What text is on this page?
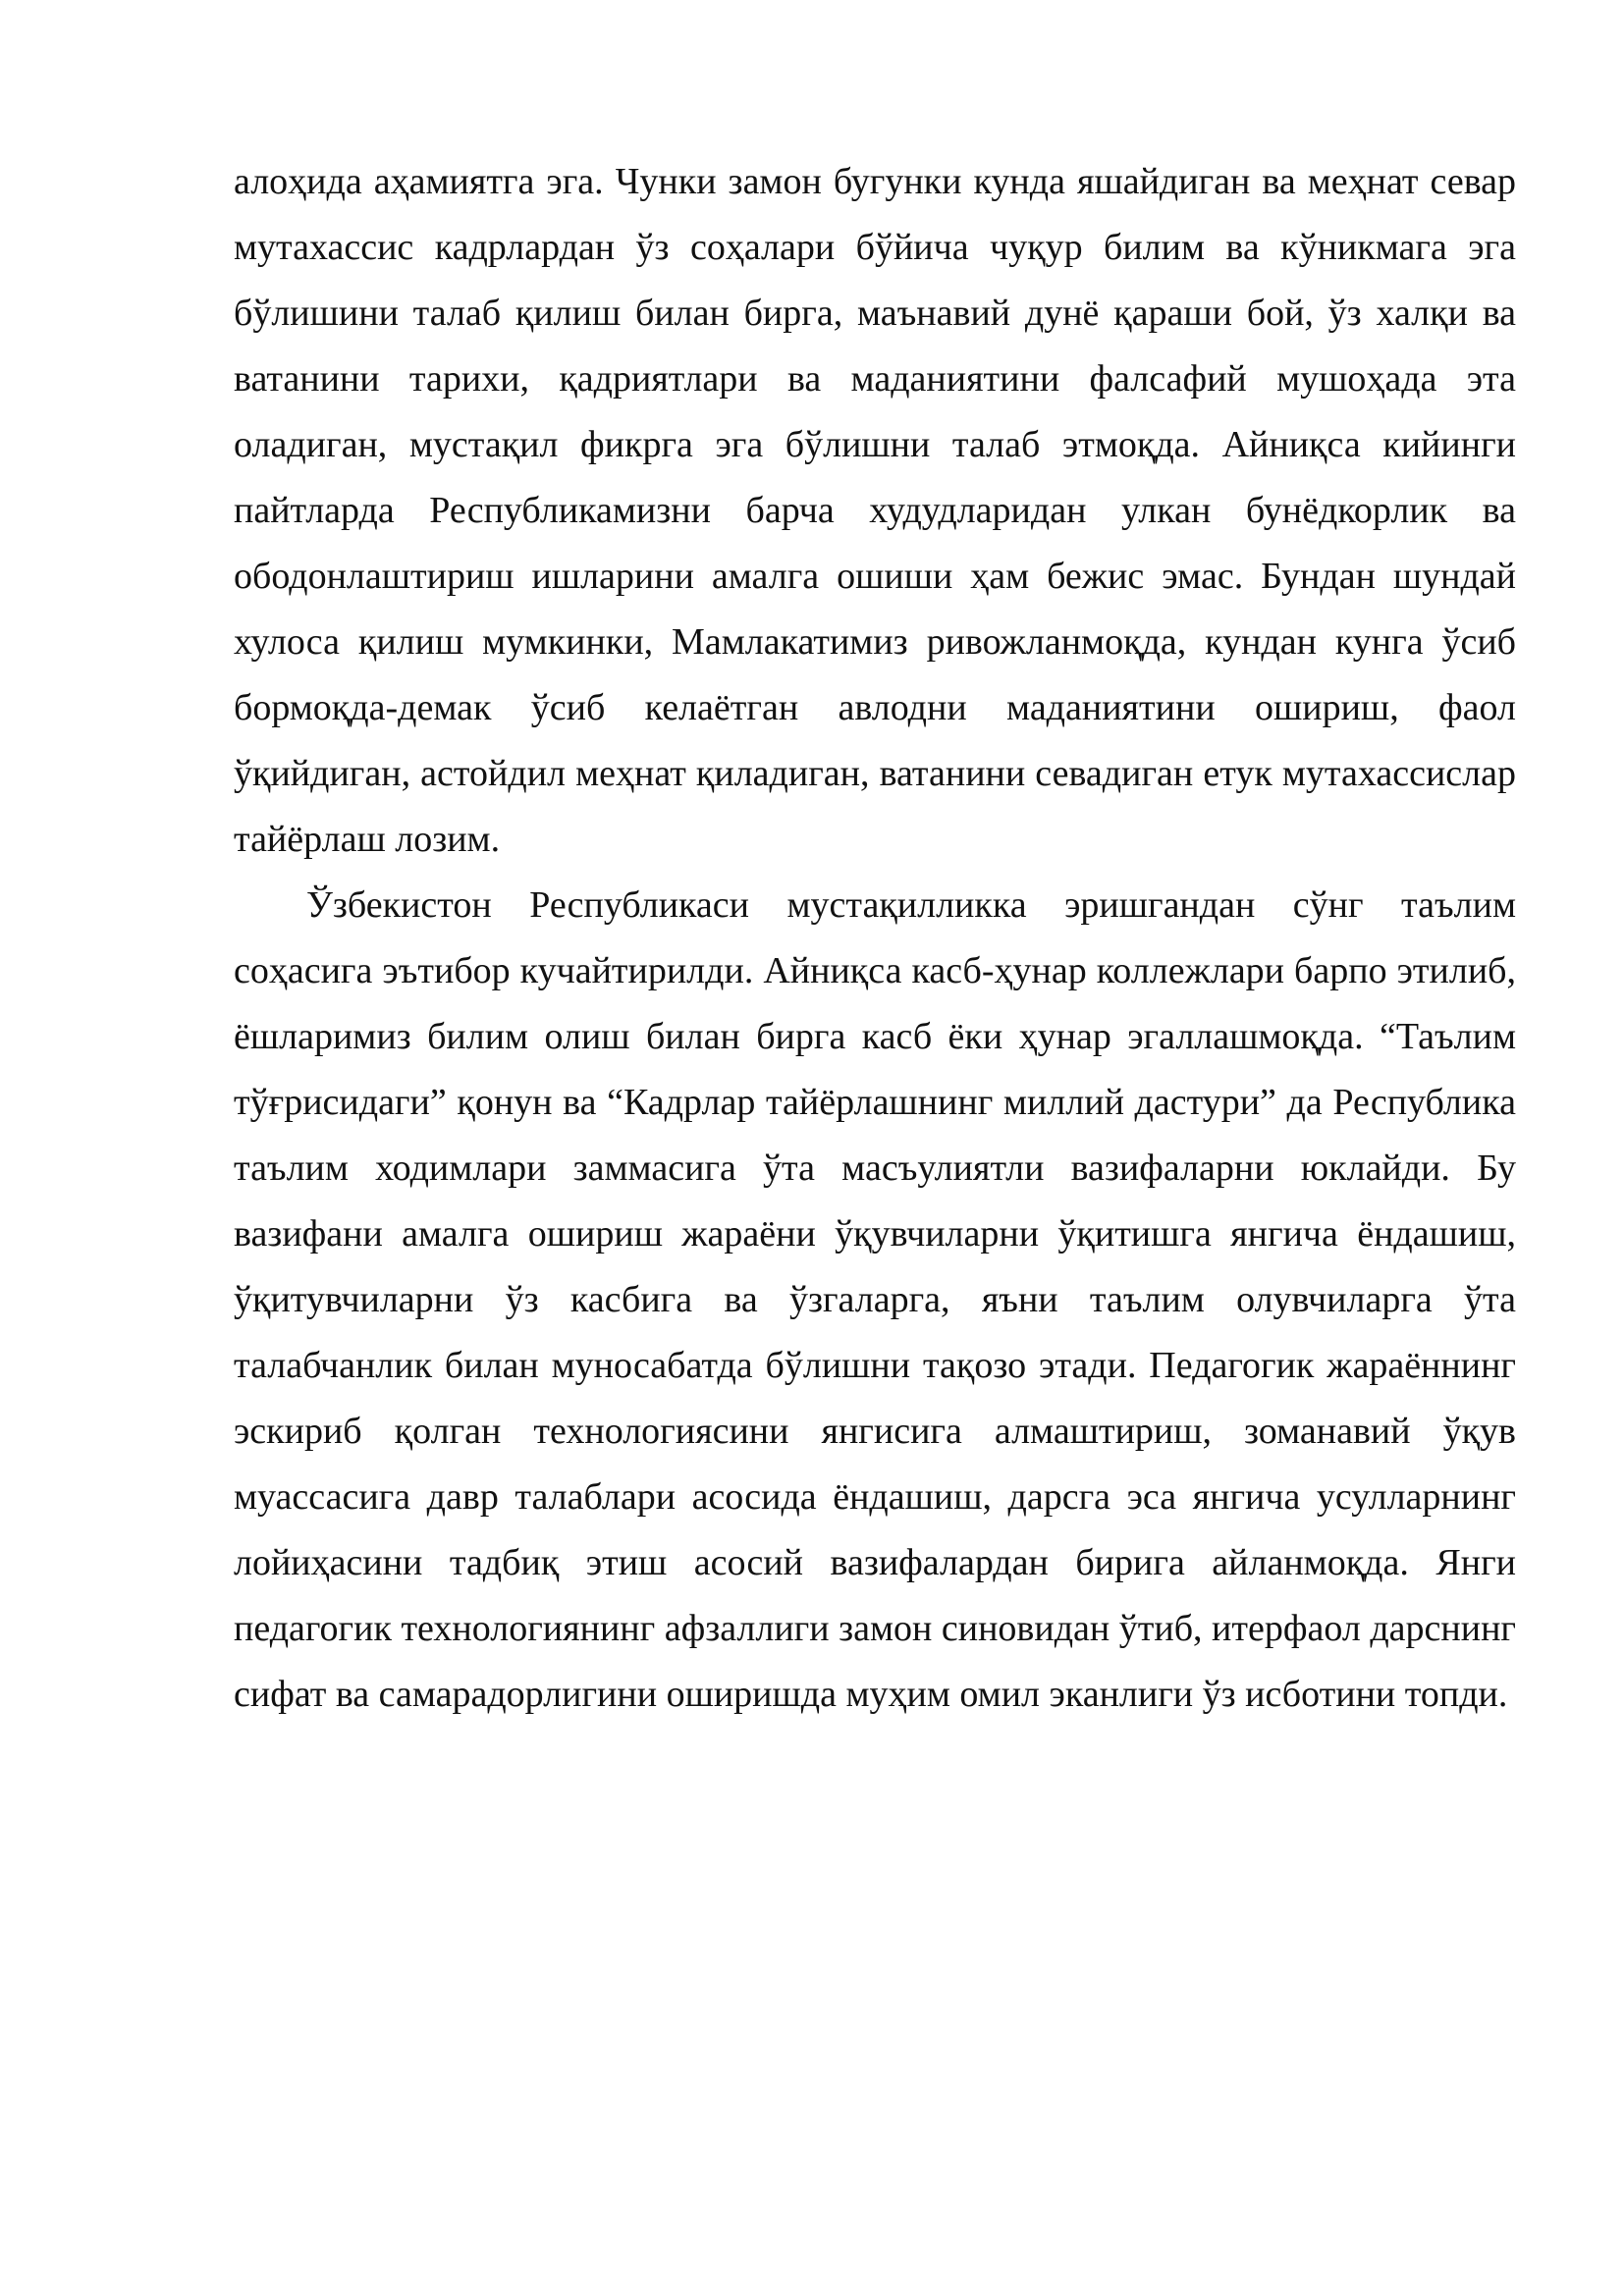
алоҳида аҳамиятга эга. Чунки замон бугунки кунда яшайдиган ва меҳнат севар мутахассис кадрлардан ўз соҳалари бўйича чуқур билим ва кўникмага эга бўлишини талаб қилиш билан бирга, маънавий дунё қараши бой, ўз халқи ва ватанини тарихи, қадриятлари ва маданиятини фалсафий мушоҳада эта оладиган, мустақил фикрга эга бўлишни талаб этмоқда. Айниқса кийинги пайтларда Республикамизни барча худудларидан улкан бунёдкорлик ва ободонлаштириш ишларини амалга ошиши ҳам бежис эмас. Бундан шундай хулоса қилиш мумкинки, Мамлакатимиз ривожланмоқда, кундан кунга ўсиб бормоқда-демак ўсиб келаётган авлодни маданиятини ошириш, фаол ўқийдиган, астойдил меҳнат қиладиган, ватанини севадиган етук мутахассислар тайёрлаш лозим.

Ўзбекистон Республикаси мустақилликка эришгандан сўнг таълим соҳасига эътибор кучайтирилди. Айниқса касб-ҳунар коллежлари барпо этилиб, ёшларимиз билим олиш билан бирга касб ёки ҳунар эгаллашмоқда. “Таълим тўғрисидаги” қонун ва “Кадрлар тайёрлашнинг миллий дастури” да Республика таълим ходимлари заммасига ўта масъулиятли вазифаларни юклайди. Бу вазифани амалга ошириш жараёни ўқувчиларни ўқитишга янгича ёндашиш, ўқитувчиларни ўз касбига ва ўзгаларга, яъни таълим олувчиларга ўта талабчанлик билан муносабатда бўлишни тақозо этади. Педагогик жараённинг эскириб қолган технологиясини янгисига алмаштириш, зоманавий ўқув муассасига давр талаблари асосида ёндашиш, дарсга эса янгича усулларнинг лойиҳасини тадбиқ этиш асосий вазифалардан бирига айланмоқда. Янги педагогик технологиянинг афзаллиги замон синовидан ўтиб, итерфаол дарснинг сифат ва самарадорлигини оширишда муҳим омил эканлиги ўз исботини топди.
